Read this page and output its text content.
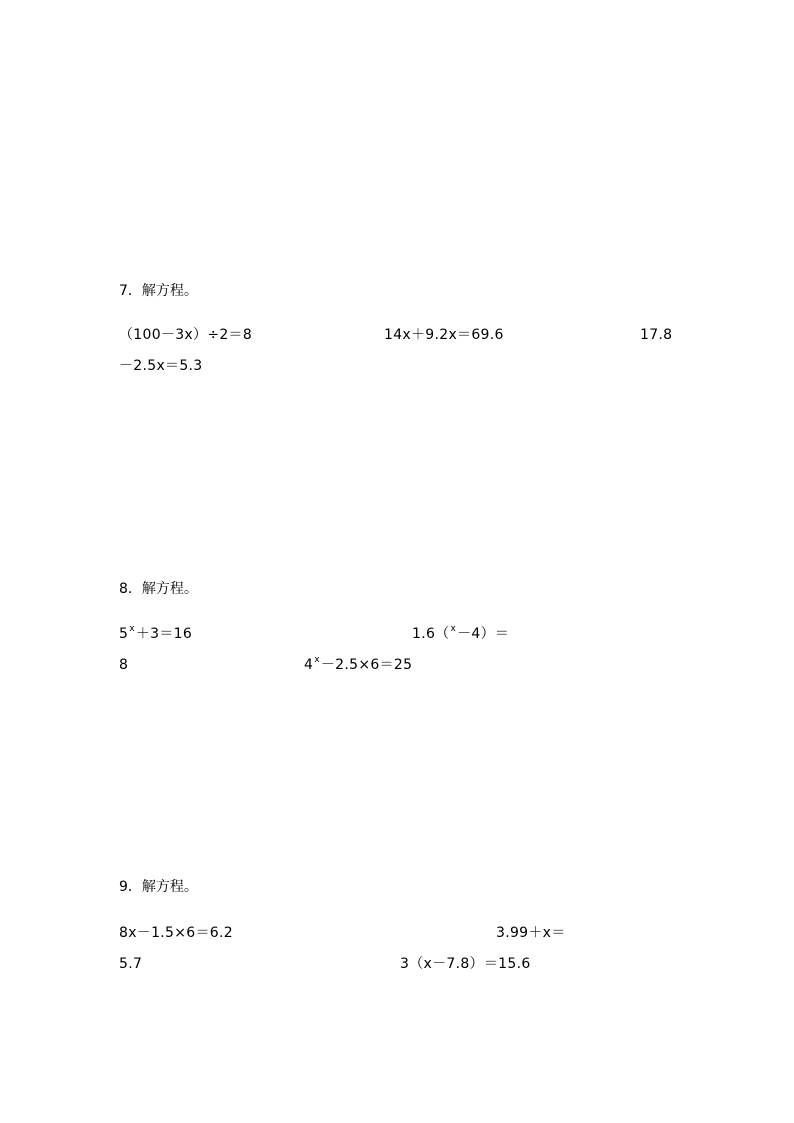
7．解方程。
（100－3x）÷2＝8	14x＋9.2x＝69.6	17.8
－2.5x＝5.3
8．解方程。
5x＋3＝16	1.6（x－4）＝
8	4x－2.5×6＝25
9．解方程。
8x－1.5×6＝6.2	3.99＋x＝
5.7	3（x－7.8）＝15.6
